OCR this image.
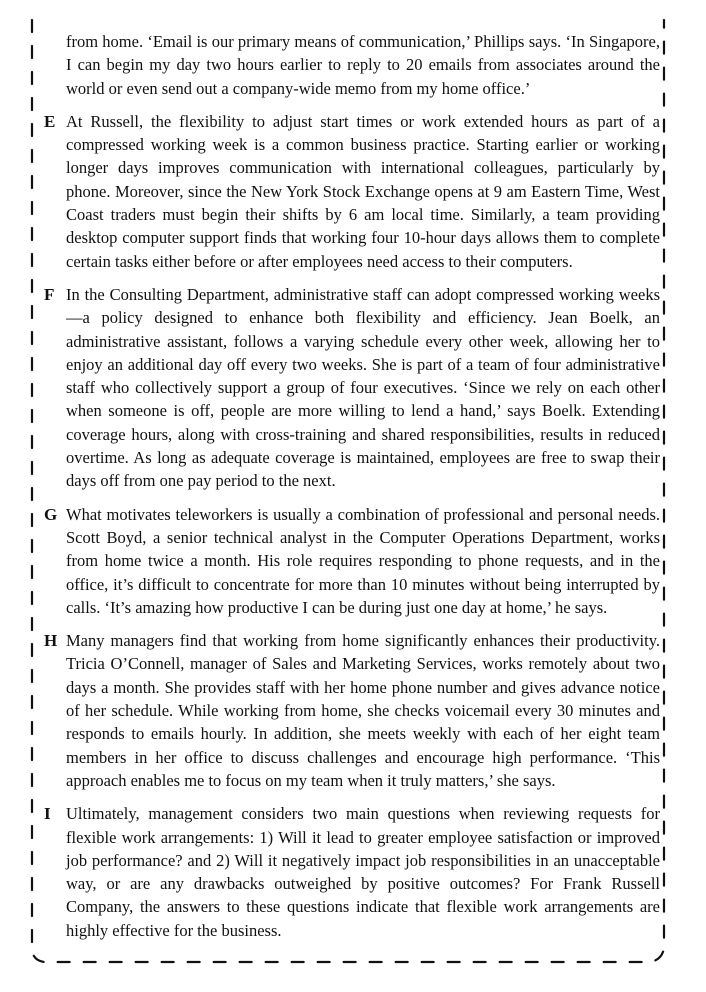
from home. ‘Email is our primary means of communication,’ Phillips says. ‘In Singapore, I can begin my day two hours earlier to reply to 20 emails from associates around the world or even send out a company-wide memo from my home office.’

E At Russell, the flexibility to adjust start times or work extended hours as part of a compressed working week is a common business practice. Starting earlier or working longer days improves communication with international colleagues, particularly by phone. Moreover, since the New York Stock Exchange opens at 9 am Eastern Time, West Coast traders must begin their shifts by 6 am local time. Similarly, a team providing desktop computer support finds that working four 10-hour days allows them to complete certain tasks either before or after employees need access to their computers.

F In the Consulting Department, administrative staff can adopt compressed working weeks—a policy designed to enhance both flexibility and efficiency. Jean Boelk, an administrative assistant, follows a varying schedule every other week, allowing her to enjoy an additional day off every two weeks. She is part of a team of four administrative staff who collectively support a group of four executives. ‘Since we rely on each other when someone is off, people are more willing to lend a hand,’ says Boelk. Extending coverage hours, along with cross-training and shared responsibilities, results in reduced overtime. As long as adequate coverage is maintained, employees are free to swap their days off from one pay period to the next.

G What motivates teleworkers is usually a combination of professional and personal needs. Scott Boyd, a senior technical analyst in the Computer Operations Department, works from home twice a month. His role requires responding to phone requests, and in the office, it’s difficult to concentrate for more than 10 minutes without being interrupted by calls. ‘It’s amazing how productive I can be during just one day at home,’ he says.

H Many managers find that working from home significantly enhances their productivity. Tricia O’Connell, manager of Sales and Marketing Services, works remotely about two days a month. She provides staff with her home phone number and gives advance notice of her schedule. While working from home, she checks voicemail every 30 minutes and responds to emails hourly. In addition, she meets weekly with each of her eight team members in her office to discuss challenges and encourage high performance. ‘This approach enables me to focus on my team when it truly matters,’ she says.

I Ultimately, management considers two main questions when reviewing requests for flexible work arrangements: 1) Will it lead to greater employee satisfaction or improved job performance? and 2) Will it negatively impact job responsibilities in an unacceptable way, or are any drawbacks outweighed by positive outcomes? For Frank Russell Company, the answers to these questions indicate that flexible work arrangements are highly effective for the business.
